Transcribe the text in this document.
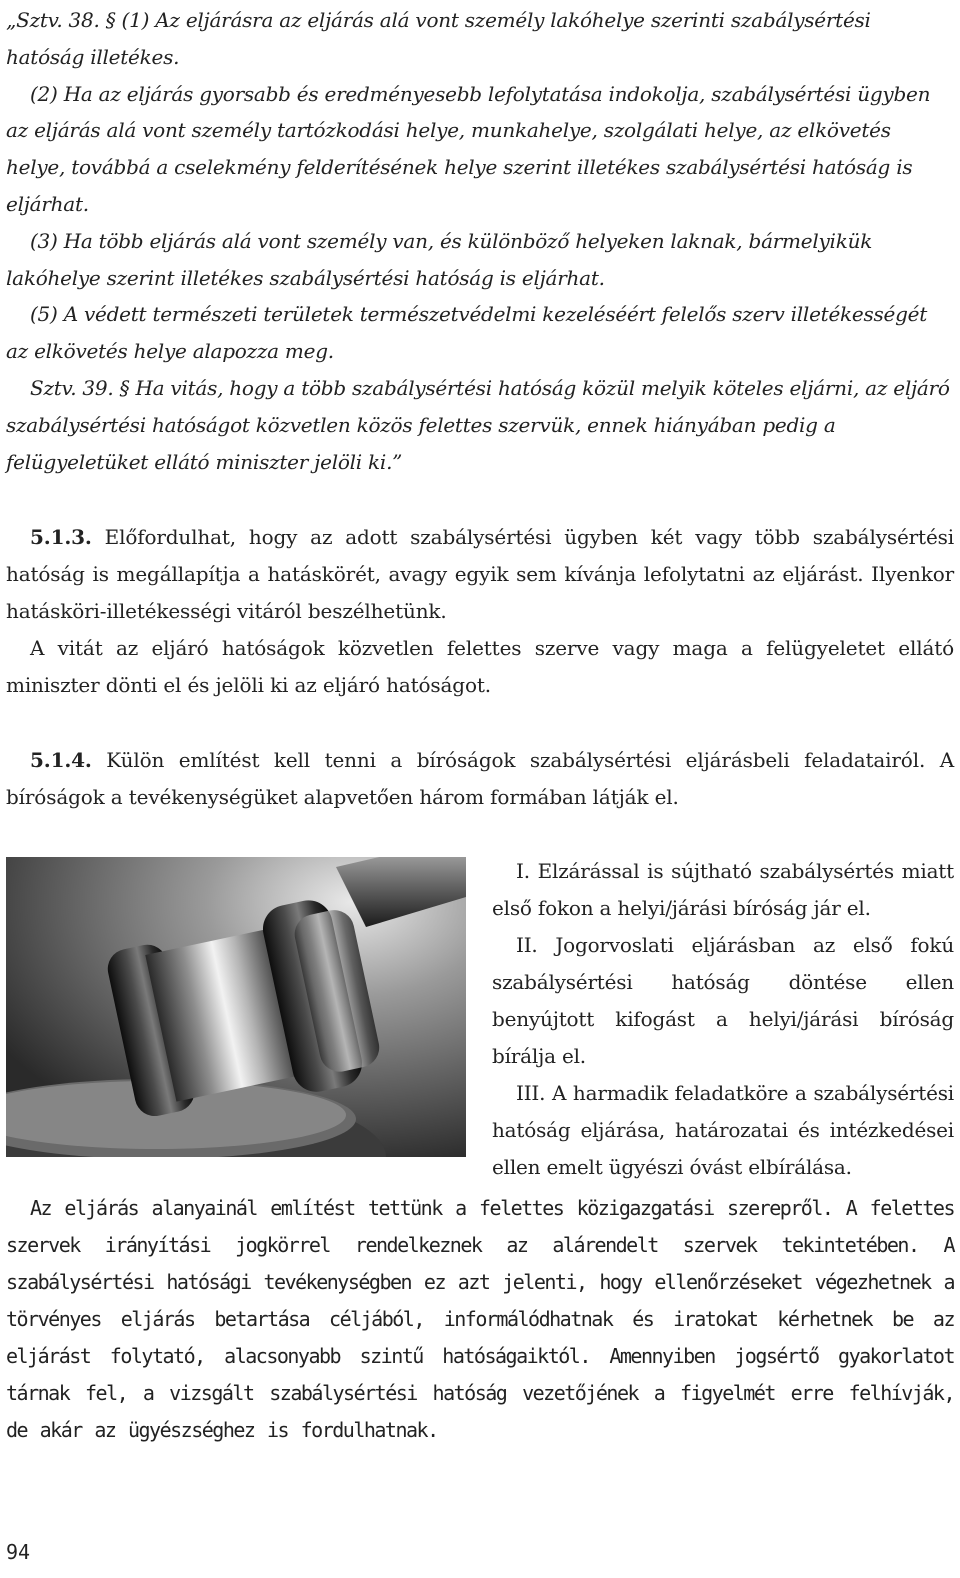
„Sztv. 38. § (1) Az eljárásra az eljárás alá vont személy lakóhelye szerinti szabálysértési hatóság illetékes.

(2) Ha az eljárás gyorsabb és eredményesebb lefolytatása indokolja, szabálysértési ügyben az eljárás alá vont személy tartózkodási helye, munkahelye, szolgálati helye, az elkövetés helye, továbbá a cselekmény felderítésének helye szerint illetékes szabálysértési hatóság is eljárhat.

(3) Ha több eljárás alá vont személy van, és különböző helyeken laknak, bármelyikük lakóhelye szerint illetékes szabálysértési hatóság is eljárhat.

(5) A védett természeti területek természetvédelmi kezeléséért felelős szerv illetékességét az elkövetés helye alapozza meg.

Sztv. 39. § Ha vitás, hogy a több szabálysértési hatóság közül melyik köteles eljárni, az eljáró szabálysértési hatóságot közvetlen közös felettes szervük, ennek hiányában pedig a felügyeletüket ellátó miniszter jelöli ki.”

5.1.3. Előfordulhat, hogy az adott szabálysértési ügyben két vagy több szabálysértési hatóság is megállapítja a hatáskörét, avagy egyik sem kívánja lefolytatni az eljárást. Ilyenkor hatásköri-illetékességi vitáról beszélhetünk.

A vitát az eljáró hatóságok közvetlen felettes szerve vagy maga a felügyeletet ellátó miniszter dönti el és jelöli ki az eljáró hatóságot.

5.1.4. Külön említést kell tenni a bíróságok szabálysértési eljárásbeli feladatairól. A bíróságok a tevékenységüket alapvetően három formában látják el.

I. Elzárással is sújtható szabálysértés miatt első fokon a helyi/járási bíróság jár el.

II. Jogorvoslati eljárásban az első fokú szabálysértési hatóság döntése ellen benyújtott kifogást a helyi/járási bíróság bírálja el.

III. A harmadik feladatköre a szabálysértési hatóság eljárása, határozatai és intézkedései ellen emelt ügyészi óvást elbírálása.

Az eljárás alanyainál említést tettünk a felettes közigazgatási szerepről. A felettes szervek irányítási jogkörrel rendelkeznek az alárendelt szervek tekintetében. A szabálysértési hatósági tevékenységben ez azt jelenti, hogy ellenőrzéseket végezhetnek a törvényes eljárás betartása céljából, informálódhatnak és iratokat kérhetnek be az eljárást folytató, alacsonyabb szintű hatóságaiktól. Amennyiben jogsértő gyakorlatot tárnak fel, a vizsgált szabálysértési hatóság vezetőjének a figyelmét erre felhívják, de akár az ügyészséghez is fordulhatnak.

94
